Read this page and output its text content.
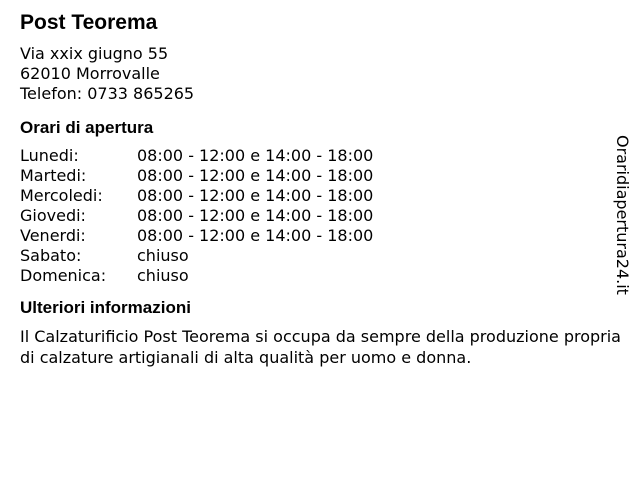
Post Teorema
Via xxix giugno 55
62010 Morrovalle
Telefon: 0733 865265
Orari di apertura
Lunedi:	08:00 - 12:00 e 14:00 - 18:00
Martedi:	08:00 - 12:00 e 14:00 - 18:00
Mercoledi:	08:00 - 12:00 e 14:00 - 18:00
Giovedi:	08:00 - 12:00 e 14:00 - 18:00
Venerdi:	08:00 - 12:00 e 14:00 - 18:00
Sabato:	chiuso
Domenica:	chiuso
Ulteriori informazioni
Il Calzaturificio Post Teorema si occupa da sempre della produzione propria di calzature artigianali di alta qualità per uomo e donna.
Oraridiapertura24.it
